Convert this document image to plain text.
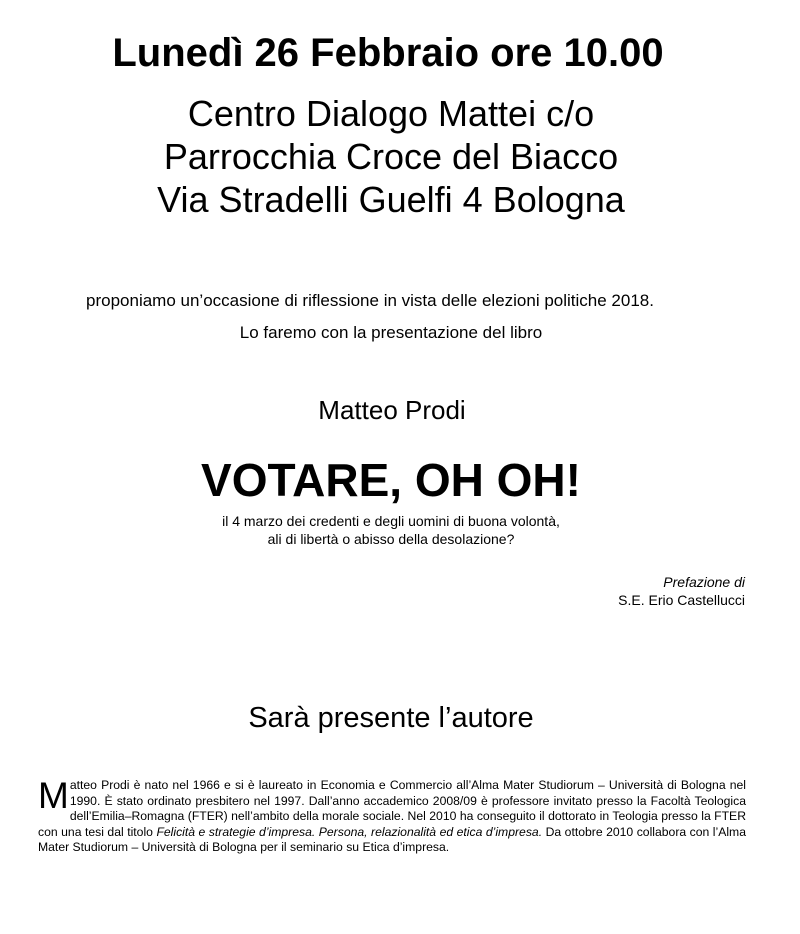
Lunedì 26 Febbraio ore 10.00
Centro Dialogo Mattei c/o
Parrocchia Croce del Biacco
Via Stradelli Guelfi 4 Bologna
proponiamo un’occasione di riflessione in vista delle elezioni politiche 2018.
Lo faremo con la presentazione del libro
Matteo Prodi
VOTARE, OH OH!
il 4 marzo dei credenti e degli uomini di buona volontà,
ali di libertà o abisso della desolazione?
Prefazione di
S.E. Erio Castellucci
Sarà presente l’autore
Matteo Prodi è nato nel 1966 e si è laureato in Economia e Commercio all’Alma Mater Studiorum – Università di Bologna nel 1990. È stato ordinato presbitero nel 1997. Dall’anno accademico 2008/09 è professore invitato presso la Facoltà Teologica dell’Emilia–Romagna (FTER) nell’ambito della morale sociale. Nel 2010 ha conseguito il dottorato in Teologia presso la FTER con una tesi dal titolo Felicità e strategie d’impresa. Persona, relazionalità ed etica d’impresa. Da ottobre 2010 collabora con l’Alma Mater Studiorum – Università di Bologna per il seminario su Etica d’impresa.
